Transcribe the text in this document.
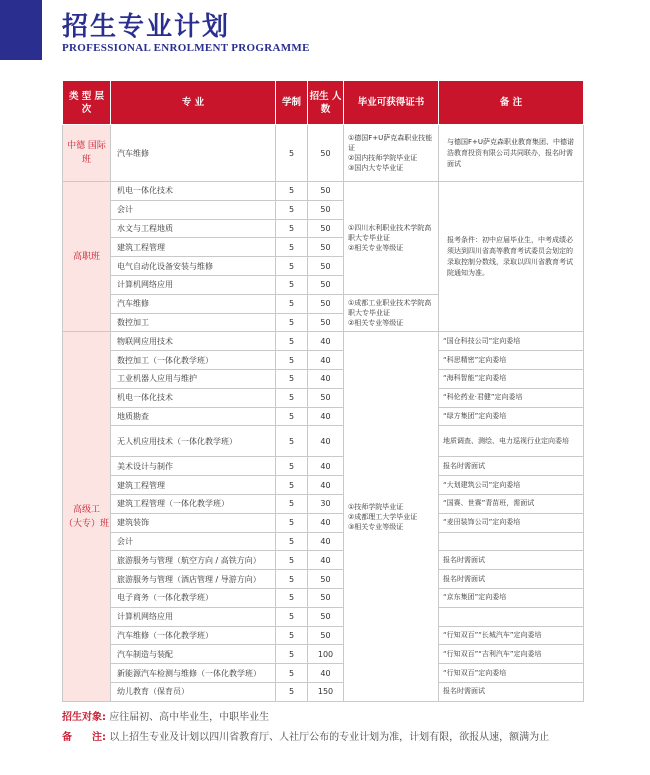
招生专业计划
PROFESSIONAL ENROLMENT PROGRAMME
类 型 层 次	专 业	学制	招生 人数	毕业可获得证书	备 注
中德 国际班	汽车维修	5	50	①德国F+U萨克森职业技能证
②国内技师学院毕业证
③国内大专毕业证	与德国F+U萨克森职业教育集团、中德诺浩教育投资有限公司共同联办，报名时需面试
高职班	机电一体化技术	5	50	①四川水利职业技术学院高职大专毕业证
②相关专业等级证	报考条件：初中应届毕业生，中考成绩必须达到四川省高等教育考试委员会划定的录取控制分数线，录取以四川省教育考试院通知为准。
	会计	5	50		
	水文与工程地质	5	50		
	建筑工程管理	5	50		
	电气自动化设备安装与维修	5	50		
	计算机网络应用	5	50		
	汽车维修	5	50	①成都工业职业技术学院高职大专毕业证
②相关专业等级证	

	数控加工	5	50		
高级工 （大专）班	物联网应用技术	5	40	①技师学院毕业证
②成都理工大学毕业证
③相关专业等级证	“国仓科技公司”定向委培
	数控加工（一体化教学班）	5	40		“科思精密”定向委培
	工业机器人应用与维护	5	40		“海科智能”定向委培
	机电一体化技术	5	50		“科伦药业·君健”定向委培
	地质勘查	5	40		“绿方集团”定向委培
	无人机应用技术（一体化教学班）	5	40		地质调查、测绘、电力巡视行业定向委培
	美术设计与制作	5	40		报名时需面试
	建筑工程管理	5	40		“大划建筑公司”定向委培
	建筑工程管理（一体化教学班）	5	30		“国赛、世赛”青苗班，需面试
	建筑装饰	5	40		“麦田装饰公司”定向委培
	会计	5	40		
	旅游服务与管理（航空方向 / 高铁方向）	5	40		报名时需面试
	旅游服务与管理（酒店管理 / 导游方向）	5	50		报名时需面试
	电子商务（一体化教学班）	5	50		“京东集团”定向委培
	计算机网络应用	5	50		
	汽车维修（一体化教学班）	5	50		“行知双百”“长城汽车”定向委培
	汽车制造与装配	5	100		“行知双百”“吉利汽车”定向委培
	新能源汽车检测与维修（一体化教学班）	5	40		“行知双百”定向委培
	幼儿教育（保育员）	5	150		报名时需面试
招生对象: 应往届初、高中毕业生，中职毕业生
备　　注: 以上招生专业及计划以四川省教育厅、人社厅公布的专业计划为准，计划有限，欲报从速，额满为止
